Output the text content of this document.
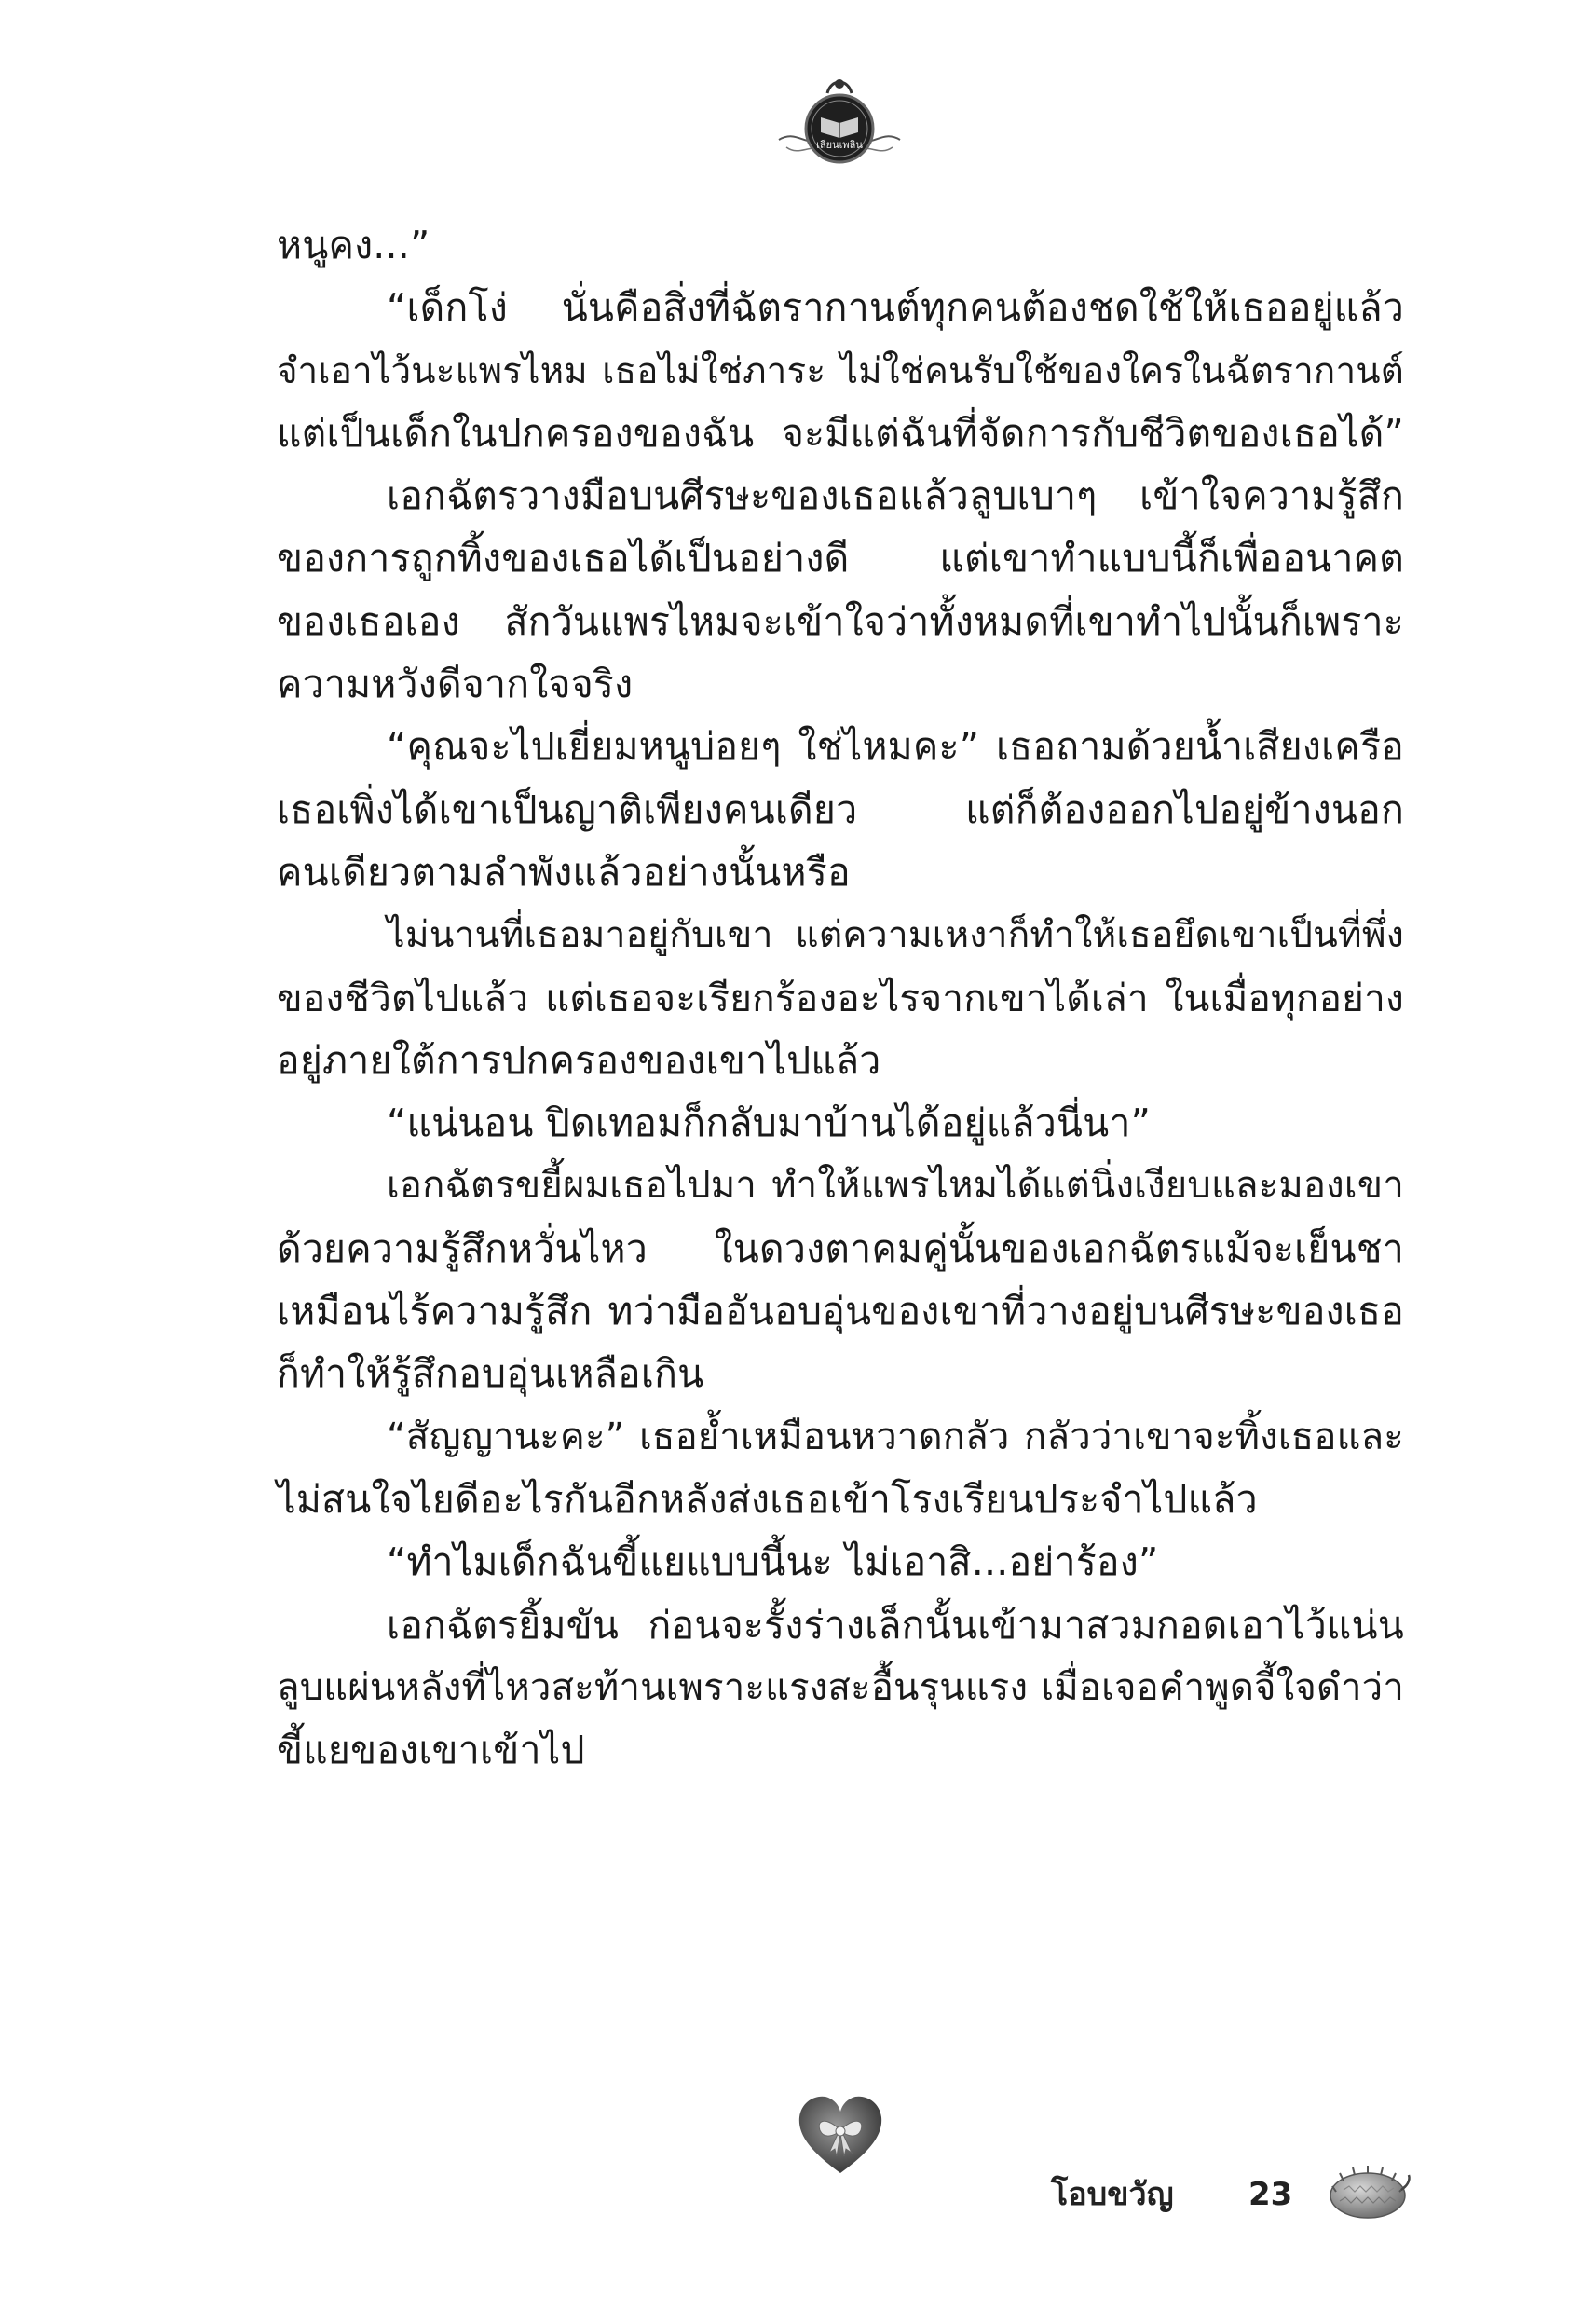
เลียนเพลิน
หนูคง...”
“เด็กโง่ นั่นคือสิ่งที่ฉัตรากานต์ทุกคนต้องชดใช้ให้เธออยู่แล้ว
จำเอาไว้นะแพรไหม เธอไม่ใช่ภาระ ไม่ใช่คนรับใช้ของใครในฉัตรากานต์
แต่เป็นเด็กในปกครองของฉัน จะมีแต่ฉันที่จัดการกับชีวิตของเธอได้”
เอกฉัตรวางมือบนศีรษะของเธอแล้วลูบเบาๆ เข้าใจความรู้สึก
ของการถูกทิ้งของเธอได้เป็นอย่างดี แต่เขาทำแบบนี้ก็เพื่ออนาคต
ของเธอเอง สักวันแพรไหมจะเข้าใจว่าทั้งหมดที่เขาทำไปนั้นก็เพราะ
ความหวังดีจากใจจริง
“คุณจะไปเยี่ยมหนูบ่อยๆ ใช่ไหมคะ” เธอถามด้วยน้ำเสียงเครือ
เธอเพิ่งได้เขาเป็นญาติเพียงคนเดียว แต่ก็ต้องออกไปอยู่ข้างนอก
คนเดียวตามลำพังแล้วอย่างนั้นหรือ
ไม่นานที่เธอมาอยู่กับเขา แต่ความเหงาก็ทำให้เธอยึดเขาเป็นที่พึ่ง
ของชีวิตไปแล้ว แต่เธอจะเรียกร้องอะไรจากเขาได้เล่า ในเมื่อทุกอย่าง
อยู่ภายใต้การปกครองของเขาไปแล้ว
“แน่นอน ปิดเทอมก็กลับมาบ้านได้อยู่แล้วนี่นา”
เอกฉัตรขยี้ผมเธอไปมา ทำให้แพรไหมได้แต่นิ่งเงียบและมองเขา
ด้วยความรู้สึกหวั่นไหว ในดวงตาคมคู่นั้นของเอกฉัตรแม้จะเย็นชา
เหมือนไร้ความรู้สึก ทว่ามืออันอบอุ่นของเขาที่วางอยู่บนศีรษะของเธอ
ก็ทำให้รู้สึกอบอุ่นเหลือเกิน
“สัญญานะคะ” เธอย้ำเหมือนหวาดกลัว กลัวว่าเขาจะทิ้งเธอและ
ไม่สนใจไยดีอะไรกันอีกหลังส่งเธอเข้าโรงเรียนประจำไปแล้ว
“ทำไมเด็กฉันขี้แยแบบนี้นะ ไม่เอาสิ...อย่าร้อง”
เอกฉัตรยิ้มขัน ก่อนจะรั้งร่างเล็กนั้นเข้ามาสวมกอดเอาไว้แน่น
ลูบแผ่นหลังที่ไหวสะท้านเพราะแรงสะอื้นรุนแรง เมื่อเจอคำพูดจี้ใจดำว่า
ขี้แยของเขาเข้าไป
โอบขวัญ 23
